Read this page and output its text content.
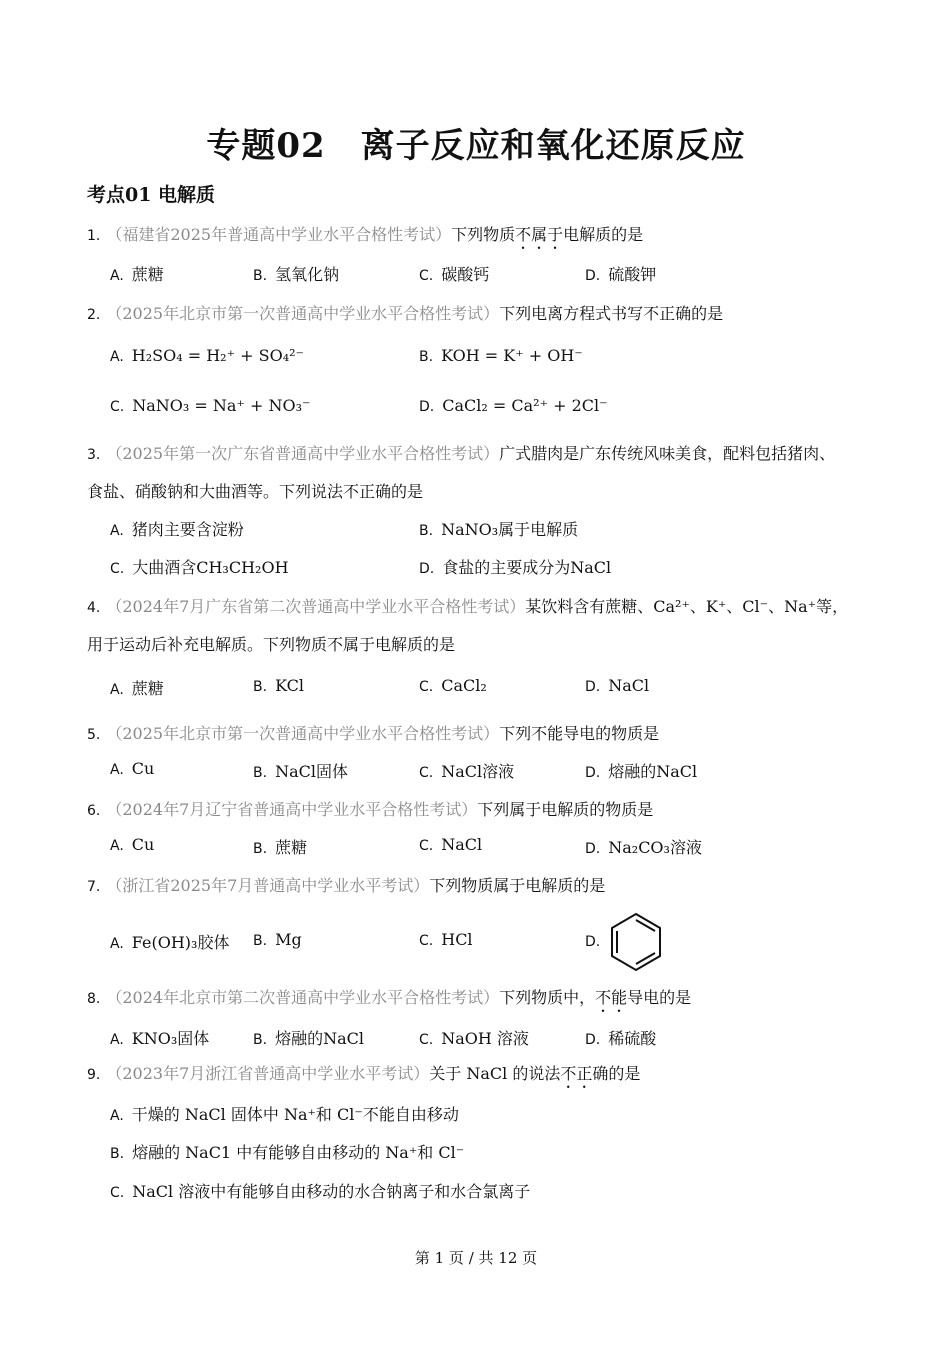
专题02　离子反应和氧化还原反应
考点01 电解质
1. （福建省2025年普通高中学业水平合格性考试）下列物质不属于电解质的是
A. 蔗糖	B. 氢氧化钠	C. 碳酸钙	D. 硫酸钾
2. （2025年北京市第一次普通高中学业水平合格性考试）下列电离方程式书写不正确的是
A. H₂SO₄ = H₂⁺ + SO₄²⁻	B. KOH = K⁺ + OH⁻
C. NaNO₃ = Na⁺ + NO₃⁻	D. CaCl₂ = Ca²⁺ + 2Cl⁻
3. （2025年第一次广东省普通高中学业水平合格性考试）广式腊肉是广东传统风味美食，配料包括猪肉、
食盐、硝酸钠和大曲酒等。下列说法不正确的是
A. 猪肉主要含淀粉	B. NaNO₃属于电解质
C. 大曲酒含CH₃CH₂OH	D. 食盐的主要成分为NaCl
4. （2024年7月广东省第二次普通高中学业水平合格性考试）某饮料含有蔗糖、Ca²⁺、K⁺、Cl⁻、Na⁺等，
用于运动后补充电解质。下列物质不属于电解质的是
A. 蔗糖	B. KCl	C. CaCl₂	D. NaCl
5. （2025年北京市第一次普通高中学业水平合格性考试）下列不能导电的物质是
A. Cu	B. NaCl固体	C. NaCl溶液	D. 熔融的NaCl
6. （2024年7月辽宁省普通高中学业水平合格性考试）下列属于电解质的物质是
A. Cu	B. 蔗糖	C. NaCl	D. Na₂CO₃溶液
7. （浙江省2025年7月普通高中学业水平考试）下列物质属于电解质的是
A. Fe(OH)₃胶体 B. Mg	C. HCl	D.
8. （2024年北京市第二次普通高中学业水平合格性考试）下列物质中，不能导电的是
A. KNO₃固体	B. 熔融的NaCl	C. NaOH 溶液	D. 稀硫酸
9. （2023年7月浙江省普通高中学业水平考试）关于 NaCl 的说法不正确的是
A. 干燥的 NaCl 固体中 Na⁺和 Cl⁻不能自由移动
B. 熔融的 NaC1 中有能够自由移动的 Na⁺和 Cl⁻
C. NaCl 溶液中有能够自由移动的水合钠离子和水合氯离子
第 1 页 / 共 12 页
